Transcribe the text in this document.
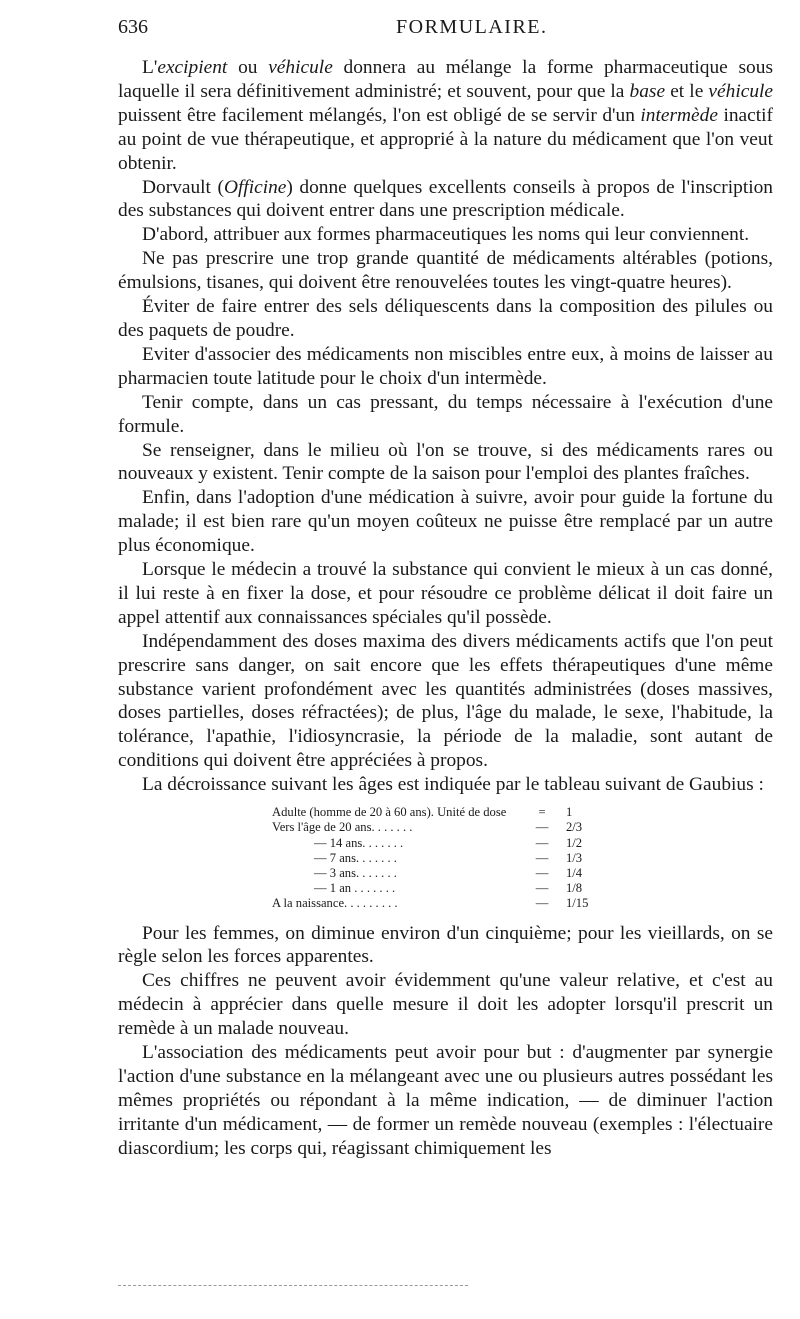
636	FORMULAIRE.

L'excipient ou véhicule donnera au mélange la forme pharmaceutique sous laquelle il sera définitivement administré; et souvent, pour que la base et le véhicule puissent être facilement mélangés, l'on est obligé de se servir d'un intermède inactif au point de vue thérapeutique, et approprié à la nature du médicament que l'on veut obtenir.

Dorvault (Officine) donne quelques excellents conseils à propos de l'inscription des substances qui doivent entrer dans une prescription médicale.

D'abord, attribuer aux formes pharmaceutiques les noms qui leur conviennent.

Ne pas prescrire une trop grande quantité de médicaments altérables (potions, émulsions, tisanes, qui doivent être renouvelées toutes les vingt-quatre heures).

Éviter de faire entrer des sels déliquescents dans la composition des pilules ou des paquets de poudre.

Eviter d'associer des médicaments non miscibles entre eux, à moins de laisser au pharmacien toute latitude pour le choix d'un intermède.

Tenir compte, dans un cas pressant, du temps nécessaire à l'exécution d'une formule.

Se renseigner, dans le milieu où l'on se trouve, si des médicaments rares ou nouveaux y existent. Tenir compte de la saison pour l'emploi des plantes fraîches.

Enfin, dans l'adoption d'une médication à suivre, avoir pour guide la fortune du malade; il est bien rare qu'un moyen coûteux ne puisse être remplacé par un autre plus économique.

Lorsque le médecin a trouvé la substance qui convient le mieux à un cas donné, il lui reste à en fixer la dose, et pour résoudre ce problème délicat il doit faire un appel attentif aux connaissances spéciales qu'il possède.

Indépendamment des doses maxima des divers médicaments actifs que l'on peut prescrire sans danger, on sait encore que les effets thérapeutiques d'une même substance varient profondément avec les quantités administrées (doses massives, doses partielles, doses réfractées); de plus, l'âge du malade, le sexe, l'habitude, la tolérance, l'apathie, l'idiosyncrasie, la période de la maladie, sont autant de conditions qui doivent être appréciées à propos.

La décroissance suivant les âges est indiquée par le tableau suivant de Gaubius :

Adulte (homme de 20 à 60 ans). Unité de dose	=	1
Vers l'âge de 20 ans. . . . . . .	—	2/3
— 14 ans. . . . . . .	—	1/2
— 7 ans. . . . . . .	—	1/3
— 3 ans. . . . . . .	—	1/4
— 1 an . . . . . . .	—	1/8
A la naissance. . . . . . . . .	—	1/15

Pour les femmes, on diminue environ d'un cinquième; pour les vieillards, on se règle selon les forces apparentes.

Ces chiffres ne peuvent avoir évidemment qu'une valeur relative, et c'est au médecin à apprécier dans quelle mesure il doit les adopter lorsqu'il prescrit un remède à un malade nouveau.

L'association des médicaments peut avoir pour but : d'augmenter par synergie l'action d'une substance en la mélangeant avec une ou plusieurs autres possédant les mêmes propriétés ou répondant à la même indication, — de diminuer l'action irritante d'un médicament, — de former un remède nouveau (exemples : l'électuaire diascordium; les corps qui, réagissant chimiquement les
